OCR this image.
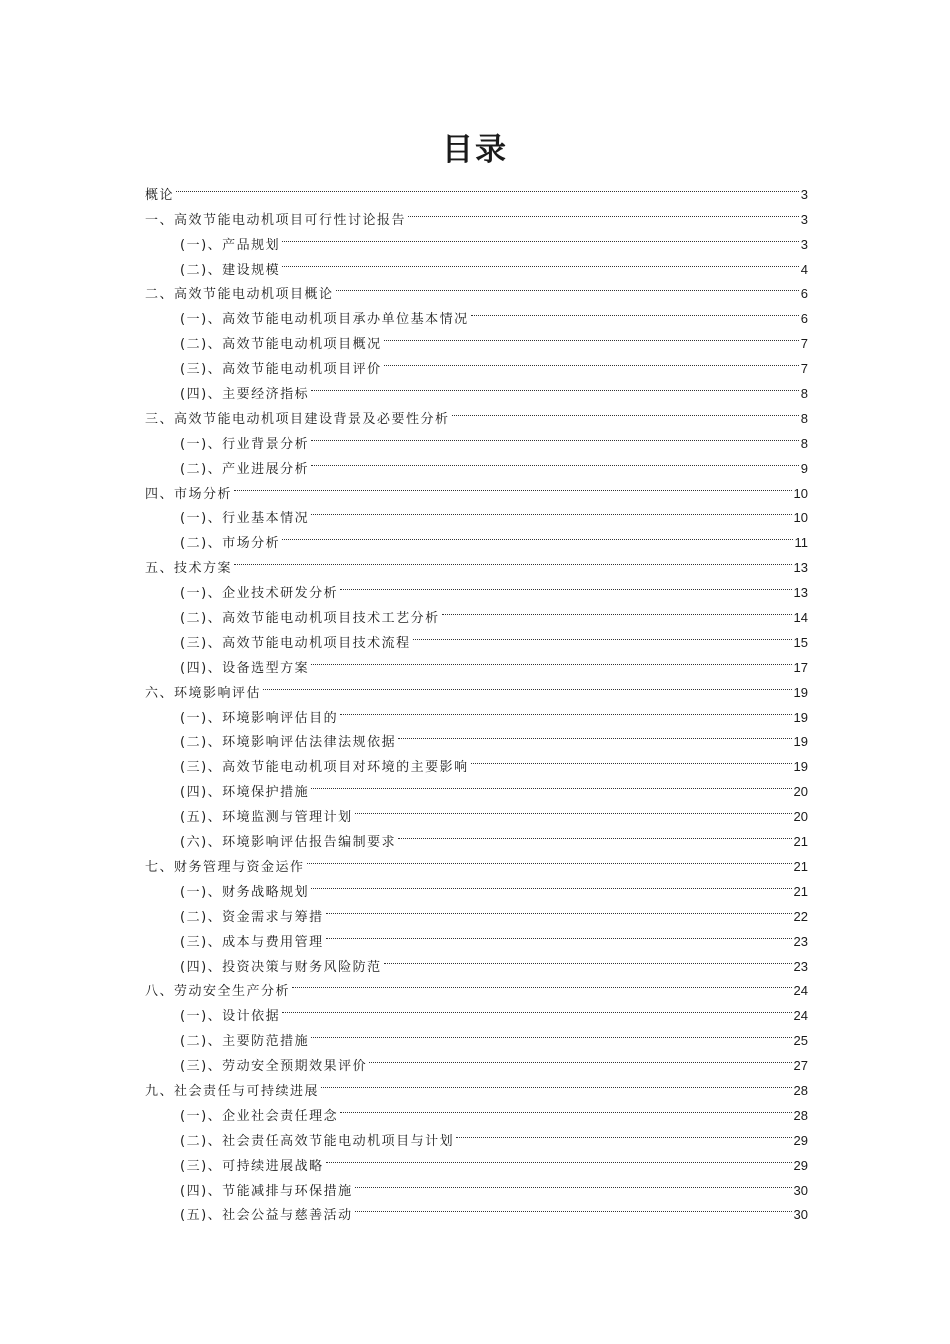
目录
概论	3
一、高效节能电动机项目可行性讨论报告	3
(一)、产品规划	3
(二)、建设规模	4
二、高效节能电动机项目概论	6
(一)、高效节能电动机项目承办单位基本情况	6
(二)、高效节能电动机项目概况	7
(三)、高效节能电动机项目评价	7
(四)、主要经济指标	8
三、高效节能电动机项目建设背景及必要性分析	8
(一)、行业背景分析	8
(二)、产业进展分析	9
四、市场分析	10
(一)、行业基本情况	10
(二)、市场分析	11
五、技术方案	13
(一)、企业技术研发分析	13
(二)、高效节能电动机项目技术工艺分析	14
(三)、高效节能电动机项目技术流程	15
(四)、设备选型方案	17
六、环境影响评估	19
(一)、环境影响评估目的	19
(二)、环境影响评估法律法规依据	19
(三)、高效节能电动机项目对环境的主要影响	19
(四)、环境保护措施	20
(五)、环境监测与管理计划	20
(六)、环境影响评估报告编制要求	21
七、财务管理与资金运作	21
(一)、财务战略规划	21
(二)、资金需求与筹措	22
(三)、成本与费用管理	23
(四)、投资决策与财务风险防范	23
八、劳动安全生产分析	24
(一)、设计依据	24
(二)、主要防范措施	25
(三)、劳动安全预期效果评价	27
九、社会责任与可持续进展	28
(一)、企业社会责任理念	28
(二)、社会责任高效节能电动机项目与计划	29
(三)、可持续进展战略	29
(四)、节能减排与环保措施	30
(五)、社会公益与慈善活动	30
